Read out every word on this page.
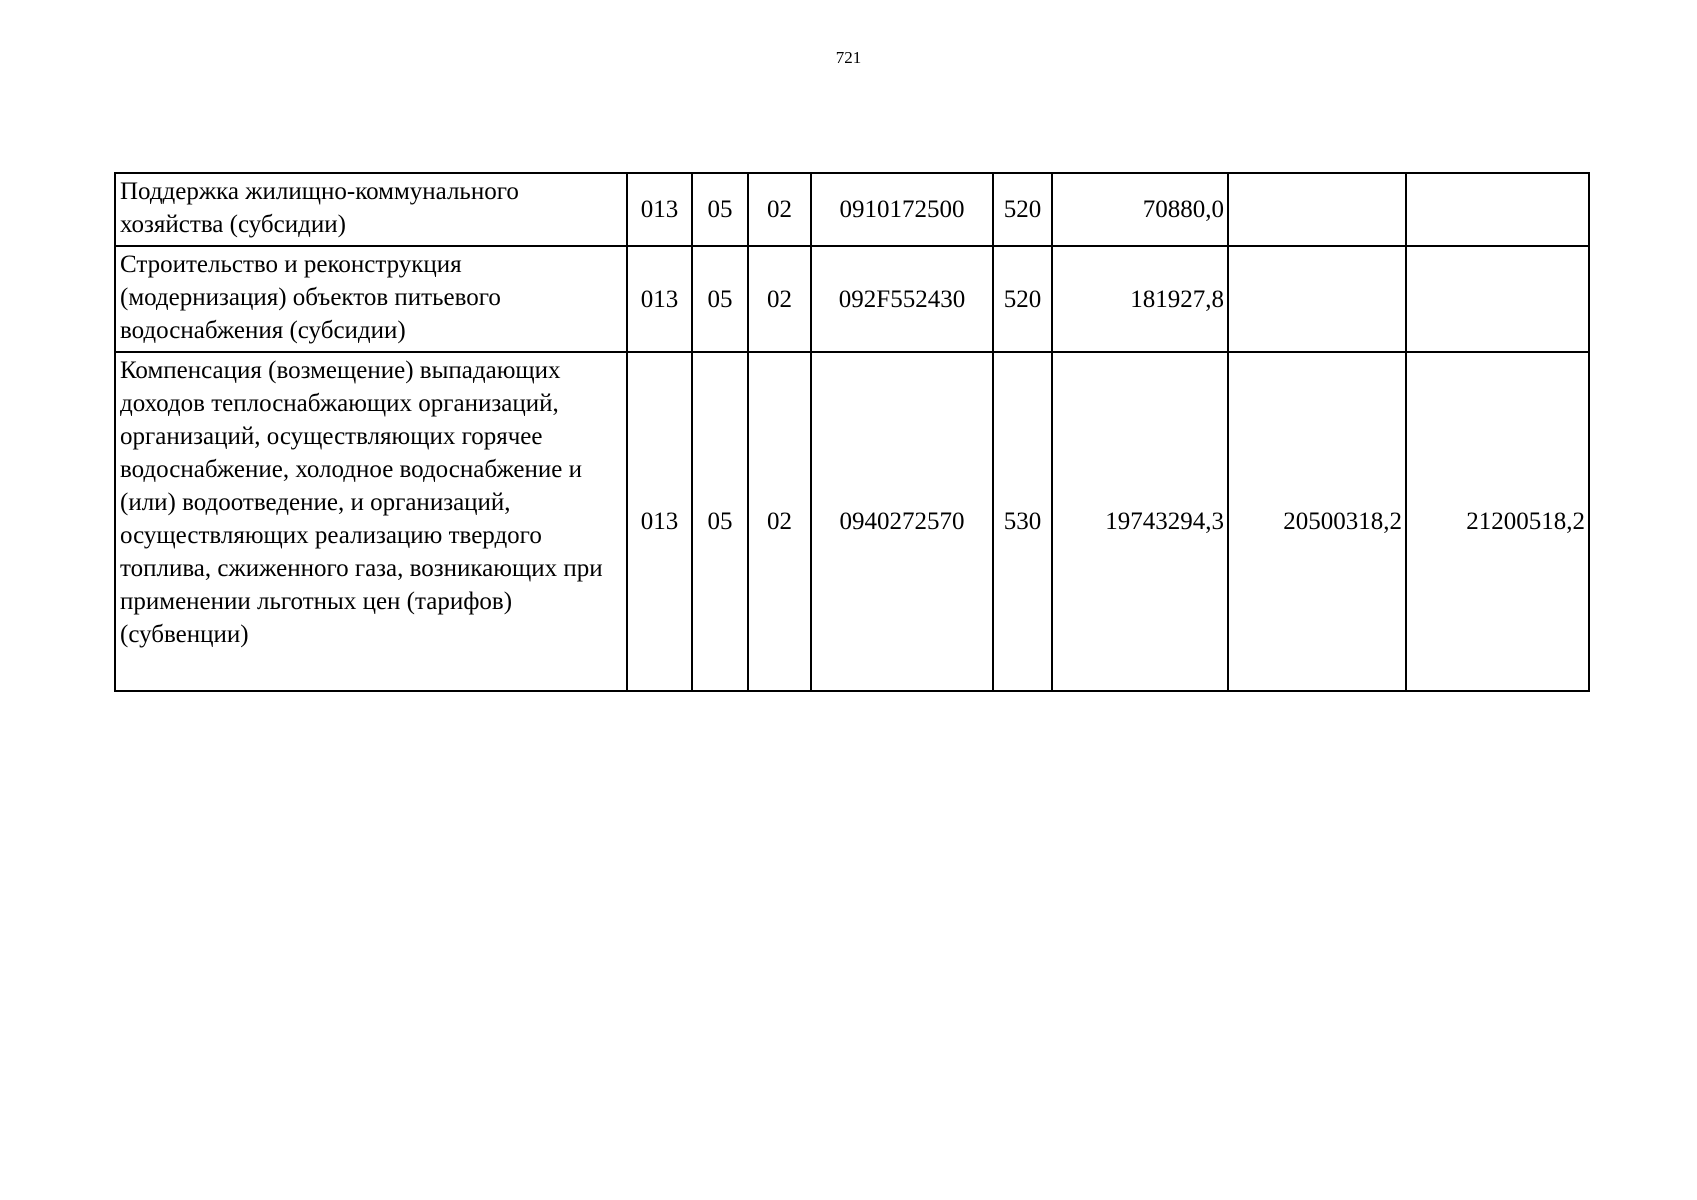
721
Поддержка жилищно-коммунального хозяйства (субсидии)	013	05	02	0910172500	520	70880,0		
Строительство и реконструкция (модернизация) объектов питьевого водоснабжения (субсидии)	013	05	02	092F552430	520	181927,8		
Компенсация (возмещение) выпадающих доходов теплоснабжающих организаций, организаций, осуществляющих горячее водоснабжение, холодное водоснабжение и (или) водоотведение, и организаций, осуществляющих реализацию твердого топлива, сжиженного газа, возникающих при применении льготных цен (тарифов) (субвенции)	013	05	02	0940272570	530	19743294,3	20500318,2	21200518,2
